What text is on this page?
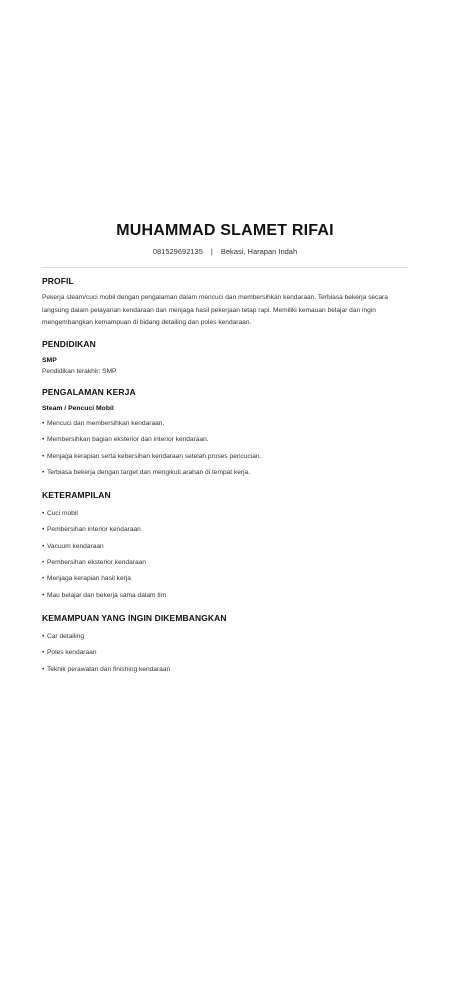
MUHAMMAD SLAMET RIFAI
081529692135 | Bekasi, Harapan Indah
PROFIL

Pekerja steam/cuci mobil dengan pengalaman dalam mencuci dan membersihkan kendaraan. Terbiasa bekerja secara langsung dalam pelayanan kendaraan dan menjaga hasil pekerjaan tetap rapi. Memiliki kemauan belajar dan ingin mengembangkan kemampuan di bidang detailing dan poles kendaraan.

PENDIDIKAN
SMP

Pendidikan terakhir: SMP

PENGALAMAN KERJA
Steam / Pencuci Mobil
• Mencuci dan membersihkan kendaraan.
• Membersihkan bagian eksterior dan interior kendaraan.
• Menjaga kerapian serta kebersihan kendaraan setelah proses pencucian.
• Terbiasa bekerja dengan target dan mengikuti arahan di tempat kerja.
KETERAMPILAN
• Cuci mobil
• Pembersihan interior kendaraan
• Vacuum kendaraan
• Pembersihan eksterior kendaraan
• Menjaga kerapian hasil kerja
• Mau belajar dan bekerja sama dalam tim
KEMAMPUAN YANG INGIN DIKEMBANGKAN
• Car detailing
• Poles kendaraan
• Teknik perawatan dan finishing kendaraan
